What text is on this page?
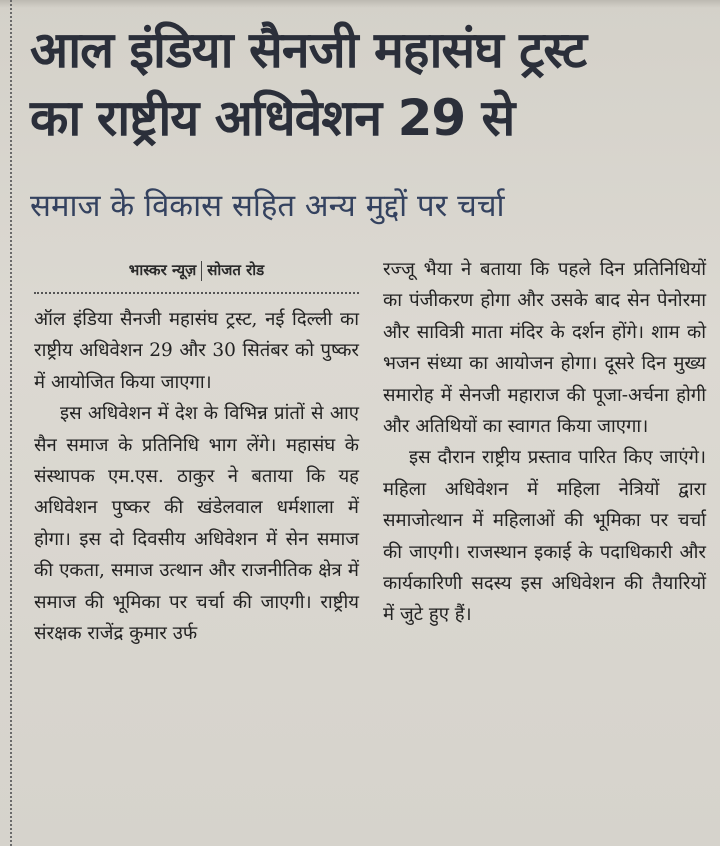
आल इंडिया सैनजी महासंघ ट्रस्ट
का राष्ट्रीय अधिवेशन 29 से
समाज के विकास सहित अन्य मुद्दों पर चर्चा
भास्कर न्यूज़ सोजत रोड

ऑल इंडिया सैनजी महासंघ ट्रस्ट, नई दिल्ली का राष्ट्रीय अधिवेशन 29 और 30 सितंबर को पुष्कर में आयोजित किया जाएगा।

इस अधिवेशन में देश के विभिन्न प्रांतों से आए सैन समाज के प्रतिनिधि भाग लेंगे। महासंघ के संस्थापक एम.एस. ठाकुर ने बताया कि यह अधिवेशन पुष्कर की खंडेलवाल धर्मशाला में होगा। इस दो दिवसीय अधिवेशन में सेन समाज की एकता, समाज उत्थान और राजनीतिक क्षेत्र में समाज की भूमिका पर चर्चा की जाएगी। राष्ट्रीय संरक्षक राजेंद्र कुमार उर्फ

रज्जू भैया ने बताया कि पहले दिन प्रतिनिधियों का पंजीकरण होगा और उसके बाद सेन पेनोरमा और सावित्री माता मंदिर के दर्शन होंगे। शाम को भजन संध्या का आयोजन होगा। दूसरे दिन मुख्य समारोह में सेनजी महाराज की पूजा-अर्चना होगी और अतिथियों का स्वागत किया जाएगा।

इस दौरान राष्ट्रीय प्रस्ताव पारित किए जाएंगे। महिला अधिवेशन में महिला नेत्रियों द्वारा समाजोत्थान में महिलाओं की भूमिका पर चर्चा की जाएगी। राजस्थान इकाई के पदाधिकारी और कार्यकारिणी सदस्य इस अधिवेशन की तैयारियों में जुटे हुए हैं।
